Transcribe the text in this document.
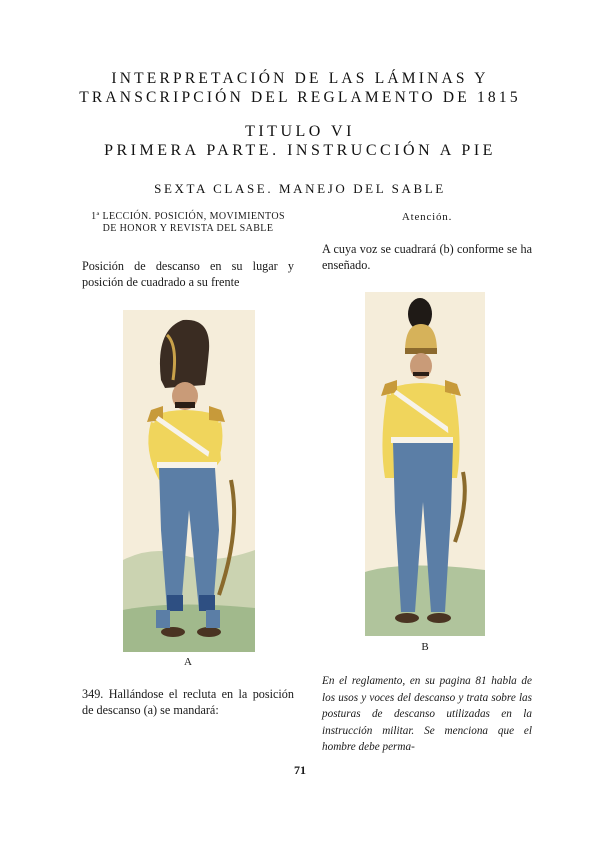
INTERPRETACIÓN DE LAS LÁMINAS Y
TRANSCRIPCIÓN DEL REGLAMENTO DE 1815
TITULO VI
PRIMERA PARTE. INSTRUCCIÓN A PIE
SEXTA CLASE. MANEJO DEL SABLE
1ª LECCIÓN. POSICIÓN, MOVIMIENTOS
DE HONOR Y REVISTA DEL SABLE
Atención.
Posición de descanso en su lugar y posición de cuadrado a su frente
A cuya voz se cuadrará (b) conforme se ha enseñado.
A
B
349. Hallándose el recluta en la posición de descanso (a) se mandará:
En el reglamento, en su pagina 81 habla de los usos y voces del descanso y trata sobre las posturas de descanso utilizadas en la instrucción militar. Se menciona que el hombre debe perma-
71
